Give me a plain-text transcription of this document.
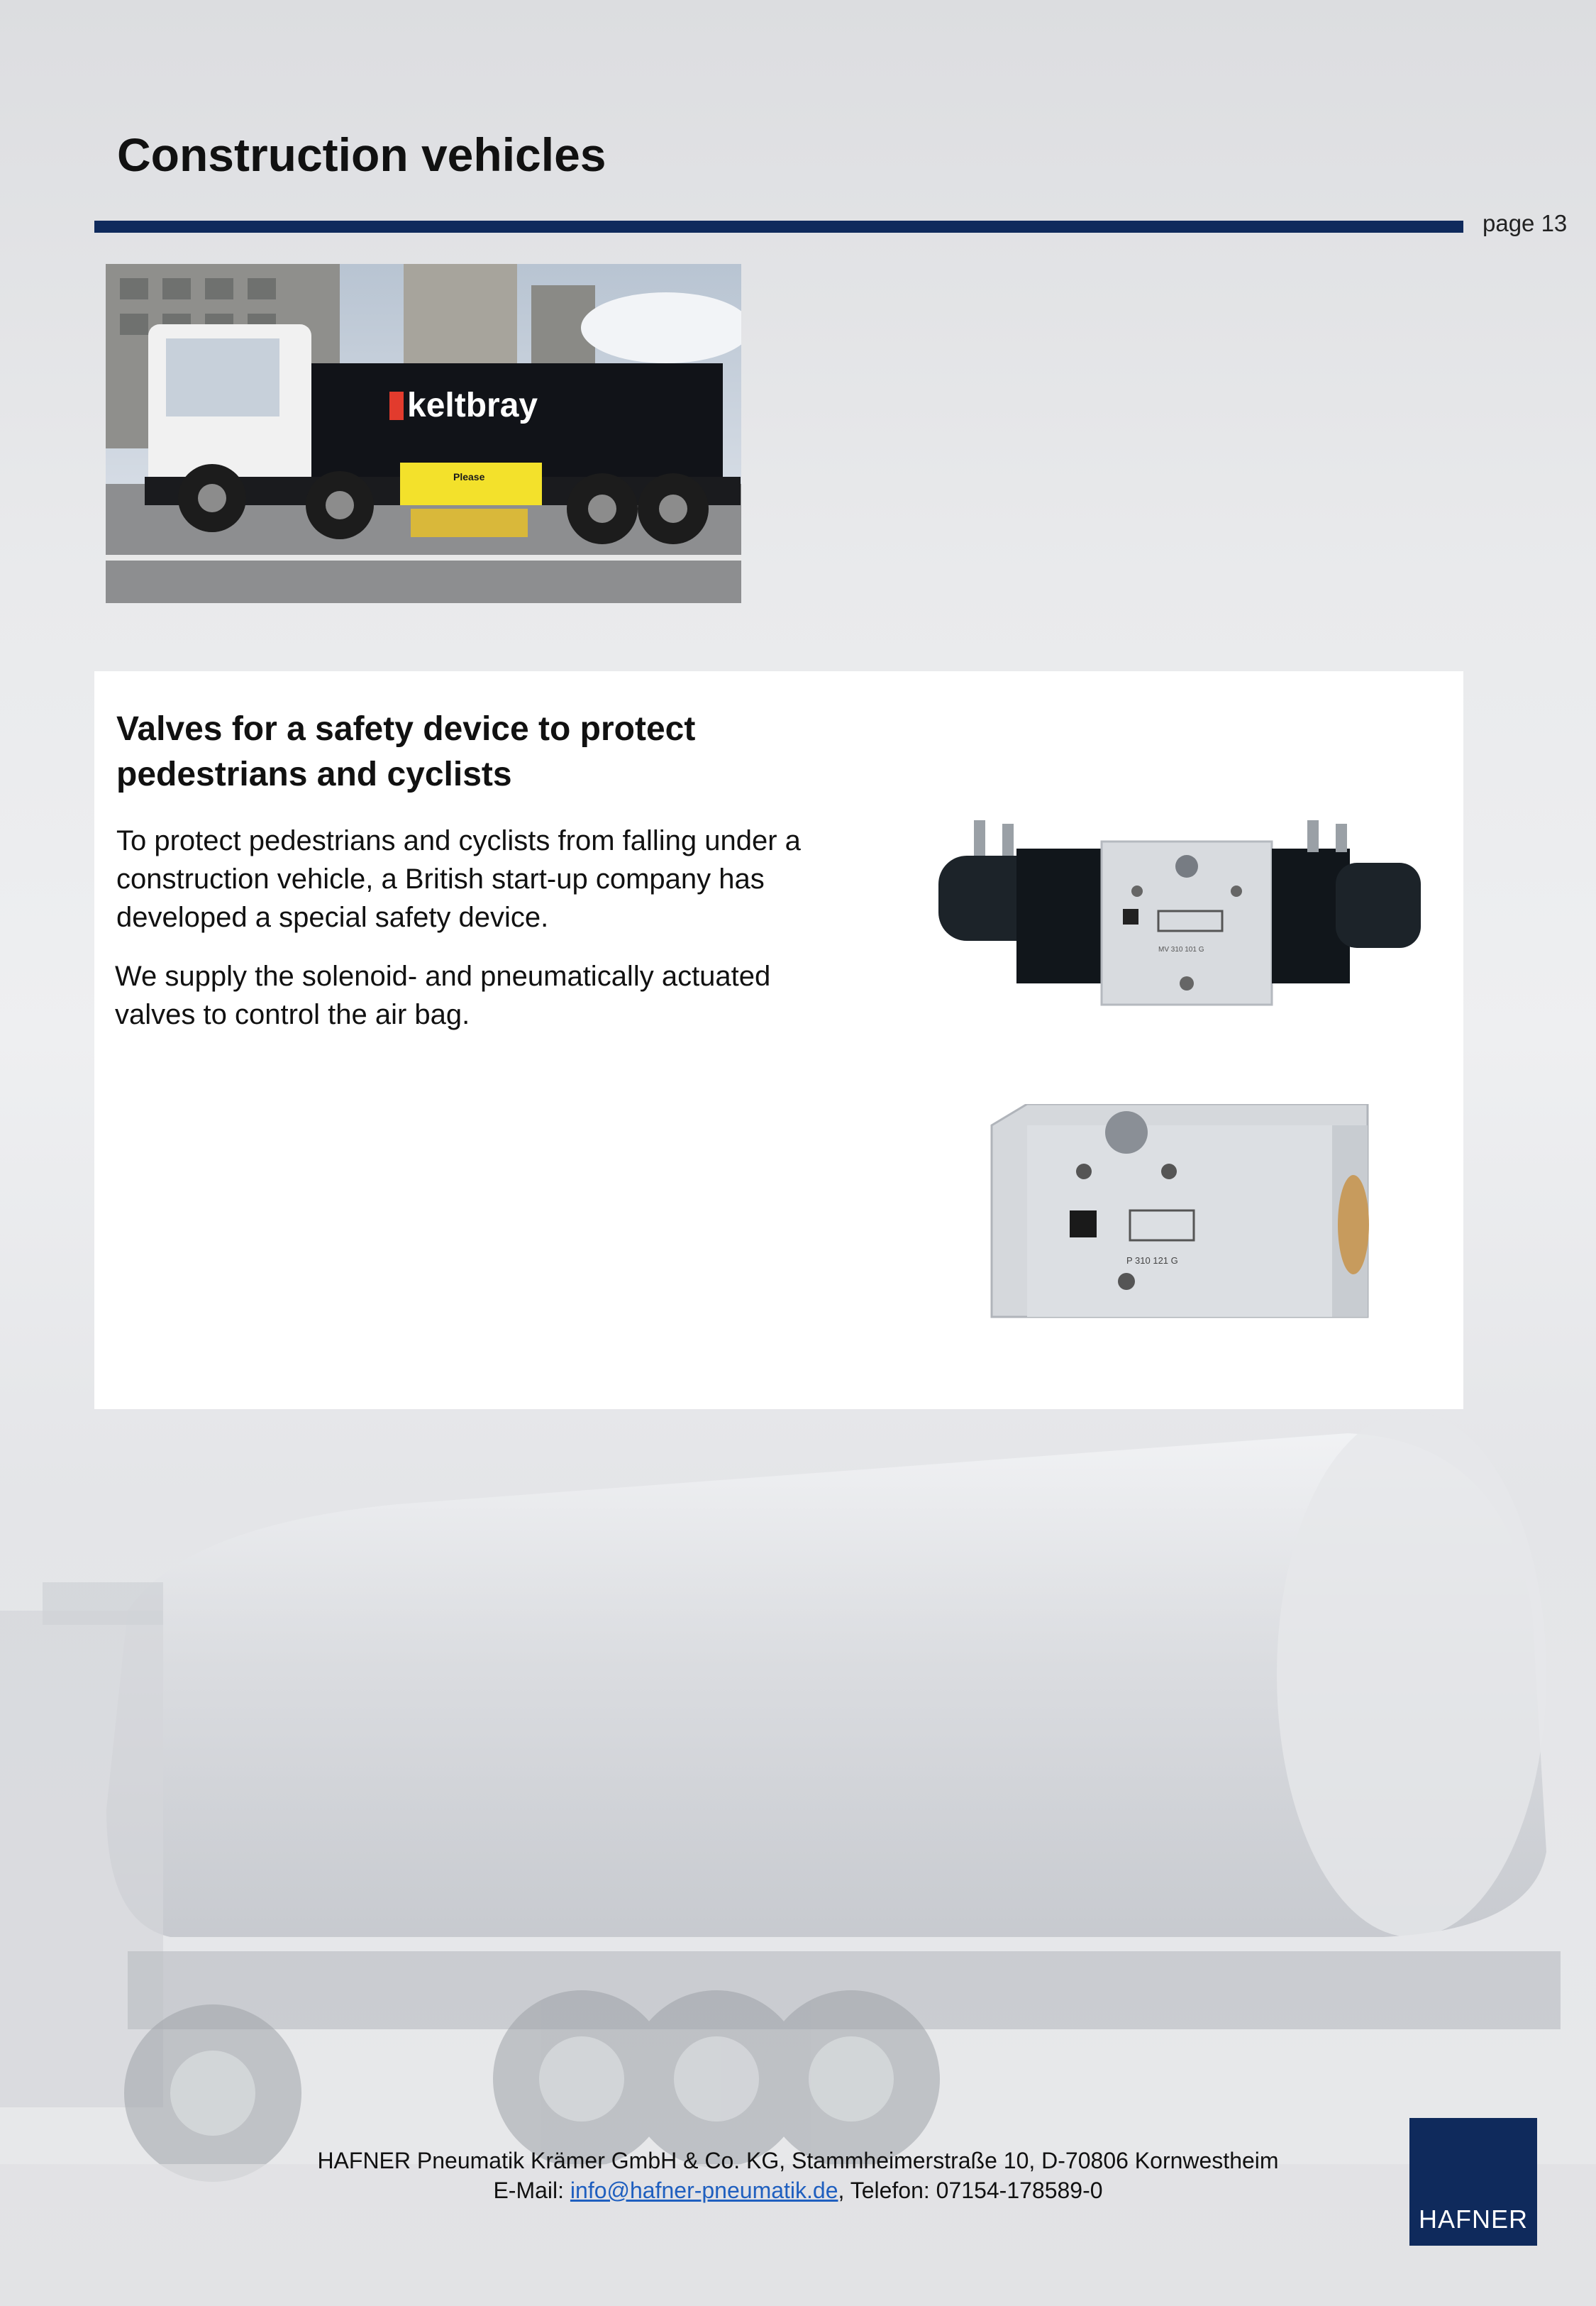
Construction vehicles
page 13
keltbray
Please
Valves for a safety device to protect pedestrians and cyclists

To protect pedestrians and cyclists from falling under a construction vehicle, a British start-up company has developed a special safety device.

We supply the solenoid- and pneumatically actuated valves to control the air bag.

MV 310 101 G
P 310 121 G
HAFNER Pneumatik Krämer GmbH & Co. KG, Stammheimerstraße 10, D-70806 Kornwestheim
E-Mail: info@hafner-pneumatik.de, Telefon: 07154-178589-0
HAFNER
